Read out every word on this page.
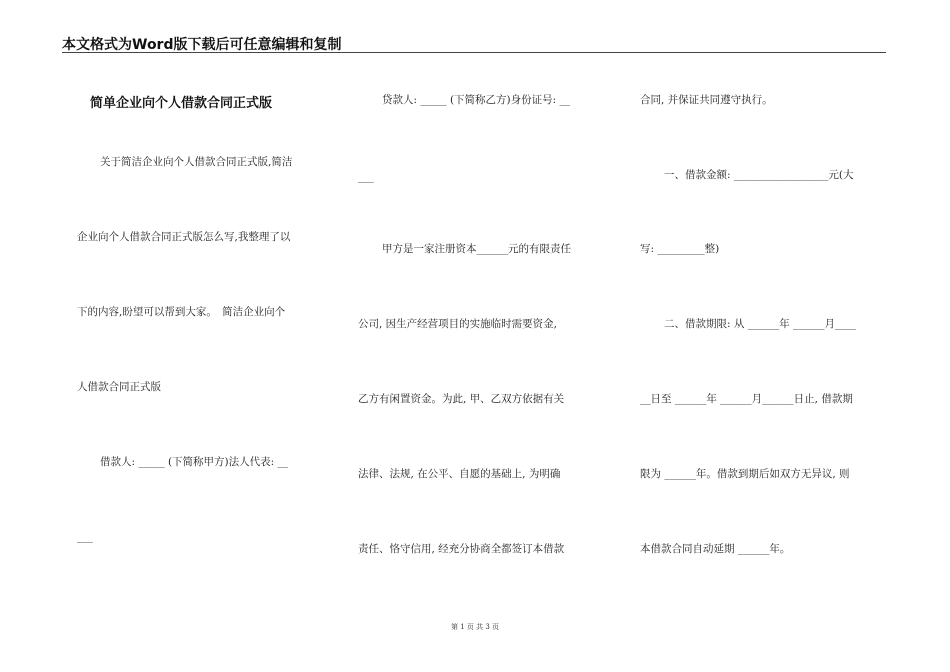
本文格式为Word版下载后可任意编辑和复制
简单企业向个人借款合同正式版
关于简洁企业向个人借款合同正式版,简洁
企业向个人借款合同正式版怎么写,我整理了以
下的内容,盼望可以帮到大家。　简洁企业向个
人借款合同正式版
借款人: _____ (下简称甲方)法人代表: __
___
贷款人: _____ (下简称乙方)身份证号: __
___
甲方是一家注册资本______元的有限责任
公司, 因生产经营项目的实施临时需要资金,
乙方有闲置资金。为此, 甲、乙双方依据有关
法律、法规, 在公平、自愿的基础上, 为明确
责任、恪守信用, 经充分协商全都签订本借款
合同, 并保证共同遵守执行。
一、借款金额: __________________元(大
写: _________整)
二、借款期限: 从 ______年 ______月____
__日至 ______年 ______月______日止, 借款期
限为 ______年。借款到期后如双方无异议, 则
本借款合同自动延期 ______年。
第 1 页 共 3 页
